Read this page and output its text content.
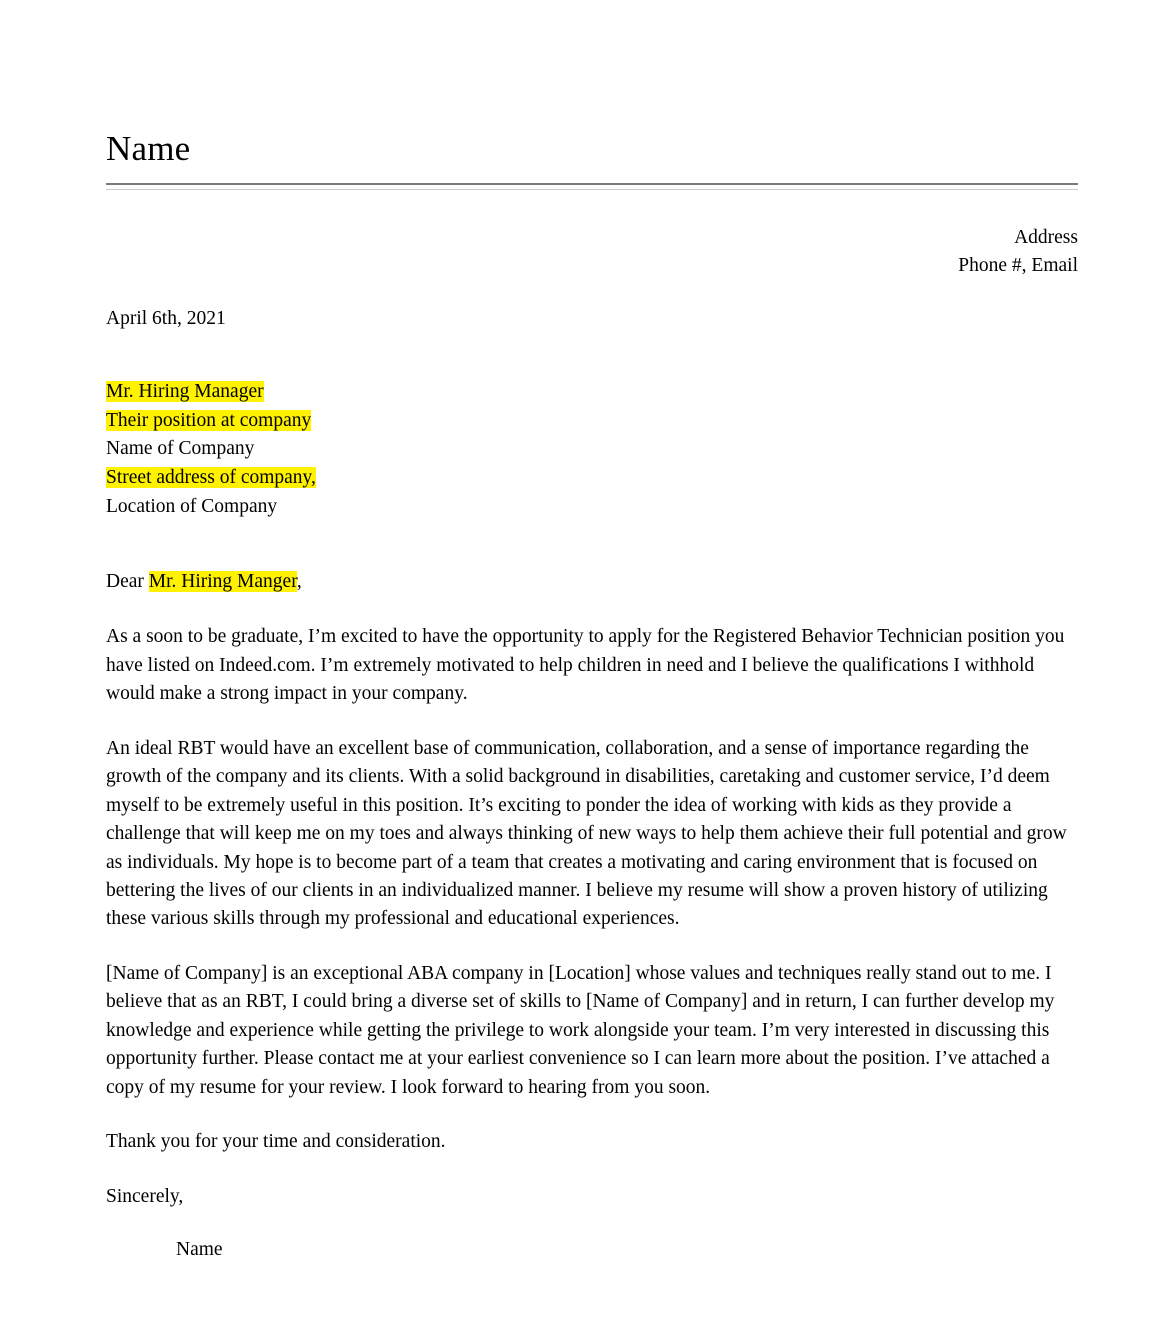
Name
Address
Phone #, Email
April 6th, 2021
Mr. Hiring Manager
Their position at company
Name of Company
Street address of company,
Location of Company
Dear Mr. Hiring Manger,
As a soon to be graduate, I’m excited to have the opportunity to apply for the Registered Behavior Technician position you have listed on Indeed.com. I’m extremely motivated to help children in need and I believe the qualifications I withhold would make a strong impact in your company.
An ideal RBT would have an excellent base of communication, collaboration, and a sense of importance regarding the growth of the company and its clients. With a solid background in disabilities, caretaking and customer service, I’d deem myself to be extremely useful in this position. It’s exciting to ponder the idea of working with kids as they provide a challenge that will keep me on my toes and always thinking of new ways to help them achieve their full potential and grow as individuals. My hope is to become part of a team that creates a motivating and caring environment that is focused on bettering the lives of our clients in an individualized manner. I believe my resume will show a proven history of utilizing these various skills through my professional and educational experiences.
[Name of Company] is an exceptional ABA company in [Location] whose values and techniques really stand out to me. I believe that as an RBT, I could bring a diverse set of skills to [Name of Company] and in return, I can further develop my knowledge and experience while getting the privilege to work alongside your team. I’m very interested in discussing this opportunity further. Please contact me at your earliest convenience so I can learn more about the position. I’ve attached a copy of my resume for your review. I look forward to hearing from you soon.
Thank you for your time and consideration.
Sincerely,
Name
